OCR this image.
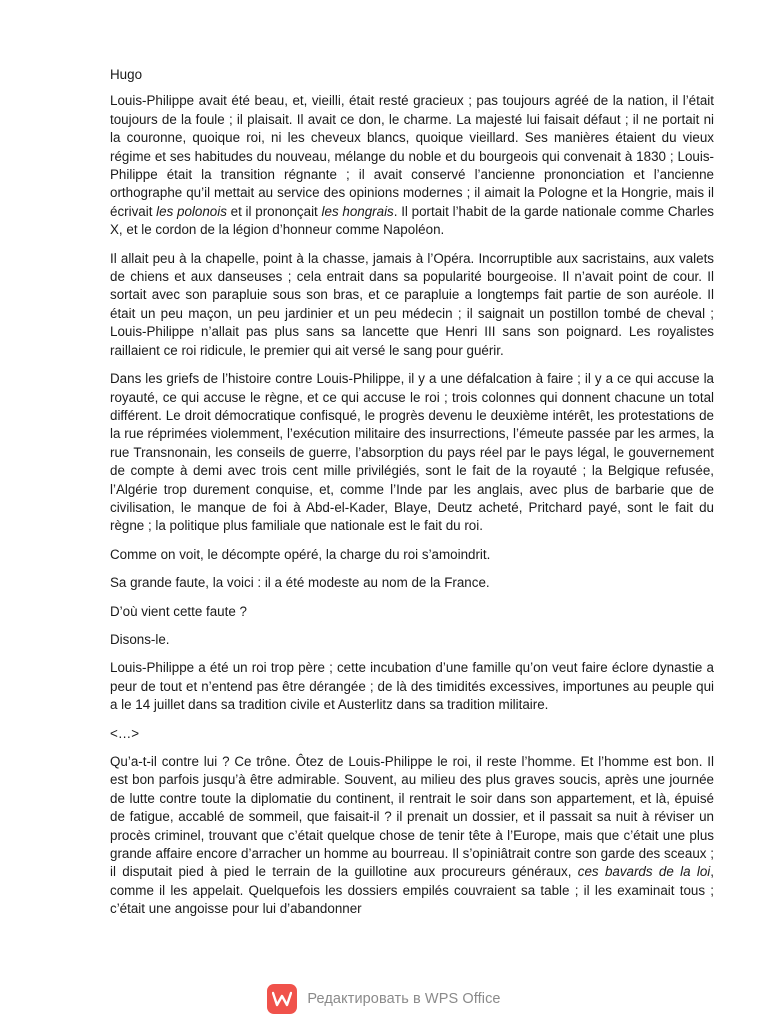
Hugo

Louis-Philippe avait été beau, et, vieilli, était resté gracieux ; pas toujours agréé de la nation, il l’était toujours de la foule ; il plaisait. Il avait ce don, le charme. La majesté lui faisait défaut ; il ne portait ni la couronne, quoique roi, ni les cheveux blancs, quoique vieillard. Ses manières étaient du vieux régime et ses habitudes du nouveau, mélange du noble et du bourgeois qui convenait à 1830 ; Louis-Philippe était la transition régnante ; il avait conservé l’ancienne prononciation et l’ancienne orthographe qu’il mettait au service des opinions modernes ; il aimait la Pologne et la Hongrie, mais il écrivait les polonois et il prononçait les hongrais. Il portait l’habit de la garde nationale comme Charles X, et le cordon de la légion d’honneur comme Napoléon.

Il allait peu à la chapelle, point à la chasse, jamais à l’Opéra. Incorruptible aux sacristains, aux valets de chiens et aux danseuses ; cela entrait dans sa popularité bourgeoise. Il n’avait point de cour. Il sortait avec son parapluie sous son bras, et ce parapluie a longtemps fait partie de son auréole. Il était un peu maçon, un peu jardinier et un peu médecin ; il saignait un postillon tombé de cheval ; Louis-Philippe n’allait pas plus sans sa lancette que Henri III sans son poignard. Les royalistes raillaient ce roi ridicule, le premier qui ait versé le sang pour guérir.

Dans les griefs de l’histoire contre Louis-Philippe, il y a une défalcation à faire ; il y a ce qui accuse la royauté, ce qui accuse le règne, et ce qui accuse le roi ; trois colonnes qui donnent chacune un total différent. Le droit démocratique confisqué, le progrès devenu le deuxième intérêt, les protestations de la rue réprimées violemment, l’exécution militaire des insurrections, l’émeute passée par les armes, la rue Transnonain, les conseils de guerre, l’absorption du pays réel par le pays légal, le gouvernement de compte à demi avec trois cent mille privilégiés, sont le fait de la royauté ; la Belgique refusée, l’Algérie trop durement conquise, et, comme l’Inde par les anglais, avec plus de barbarie que de civilisation, le manque de foi à Abd-el-Kader, Blaye, Deutz acheté, Pritchard payé, sont le fait du règne ; la politique plus familiale que nationale est le fait du roi.

Comme on voit, le décompte opéré, la charge du roi s’amoindrit.

Sa grande faute, la voici : il a été modeste au nom de la France.

D’où vient cette faute ?

Disons-le.

Louis-Philippe a été un roi trop père ; cette incubation d’une famille qu’on veut faire éclore dynastie a peur de tout et n’entend pas être dérangée ; de là des timidités excessives, importunes au peuple qui a le 14 juillet dans sa tradition civile et Austerlitz dans sa tradition militaire.

<…>

Qu’a-t-il contre lui ? Ce trône. Ôtez de Louis-Philippe le roi, il reste l’homme. Et l’homme est bon. Il est bon parfois jusqu’à être admirable. Souvent, au milieu des plus graves soucis, après une journée de lutte contre toute la diplomatie du continent, il rentrait le soir dans son appartement, et là, épuisé de fatigue, accablé de sommeil, que faisait-il ? il prenait un dossier, et il passait sa nuit à réviser un procès criminel, trouvant que c’était quelque chose de tenir tête à l’Europe, mais que c’était une plus grande affaire encore d’arracher un homme au bourreau. Il s’opiniâtrait contre son garde des sceaux ; il disputait pied à pied le terrain de la guillotine aux procureurs généraux, ces bavards de la loi, comme il les appelait. Quelquefois les dossiers empilés couvraient sa table ; il les examinait tous ; c’était une angoisse pour lui d’abandonner

Редактировать в WPS Office
